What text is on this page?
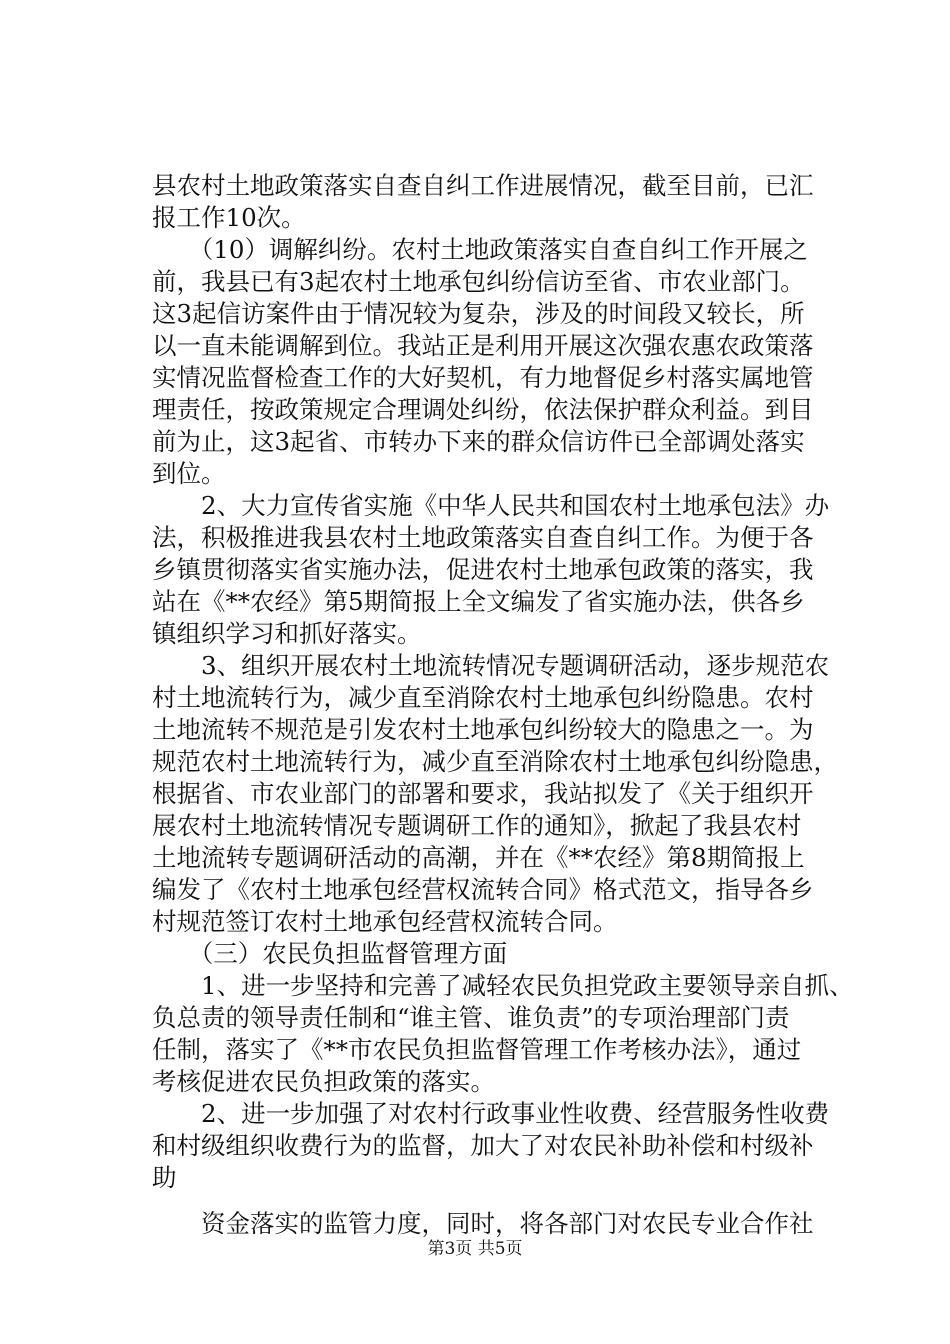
县农村土地政策落实自查自纠工作进展情况，截至目前，已汇
报工作10次。
　　（10）调解纠纷。农村土地政策落实自查自纠工作开展之
前，我县已有3起农村土地承包纠纷信访至省、市农业部门。
这3起信访案件由于情况较为复杂，涉及的时间段又较长，所
以一直未能调解到位。我站正是利用开展这次强农惠农政策落
实情况监督检查工作的大好契机，有力地督促乡村落实属地管
理责任，按政策规定合理调处纠纷，依法保护群众利益。到目
前为止，这3起省、市转办下来的群众信访件已全部调处落实
到位。
　　2、大力宣传省实施《中华人民共和国农村土地承包法》办
法，积极推进我县农村土地政策落实自查自纠工作。为便于各
乡镇贯彻落实省实施办法，促进农村土地承包政策的落实，我
站在《**农经》第5期简报上全文编发了省实施办法，供各乡
镇组织学习和抓好落实。
　　3、组织开展农村土地流转情况专题调研活动，逐步规范农
村土地流转行为，减少直至消除农村土地承包纠纷隐患。农村
土地流转不规范是引发农村土地承包纠纷较大的隐患之一。为
规范农村土地流转行为，减少直至消除农村土地承包纠纷隐患，
根据省、市农业部门的部署和要求，我站拟发了《关于组织开
展农村土地流转情况专题调研工作的通知》，掀起了我县农村
土地流转专题调研活动的高潮，并在《**农经》第8期简报上
编发了《农村土地承包经营权流转合同》格式范文，指导各乡
村规范签订农村土地承包经营权流转合同。
　　（三）农民负担监督管理方面
　　1、进一步坚持和完善了减轻农民负担党政主要领导亲自抓、
负总责的领导责任制和“谁主管、谁负责”的专项治理部门责
任制，落实了《**市农民负担监督管理工作考核办法》，通过
考核促进农民负担政策的落实。
　　2、进一步加强了对农村行政事业性收费、经营服务性收费
和村级组织收费行为的监督，加大了对农民补助补偿和村级补
助
　　资金落实的监管力度，同时，将各部门对农民专业合作社
第3页 共5页
